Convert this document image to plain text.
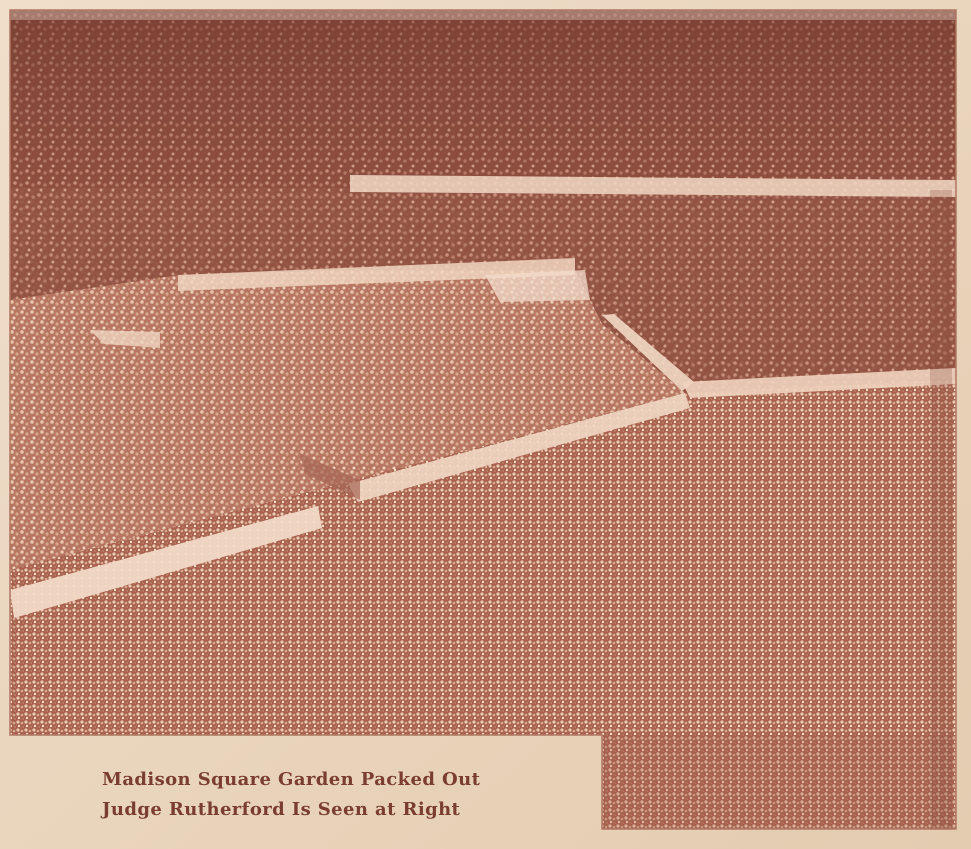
Madison Square Garden Packed Out
Judge Rutherford Is Seen at Right
